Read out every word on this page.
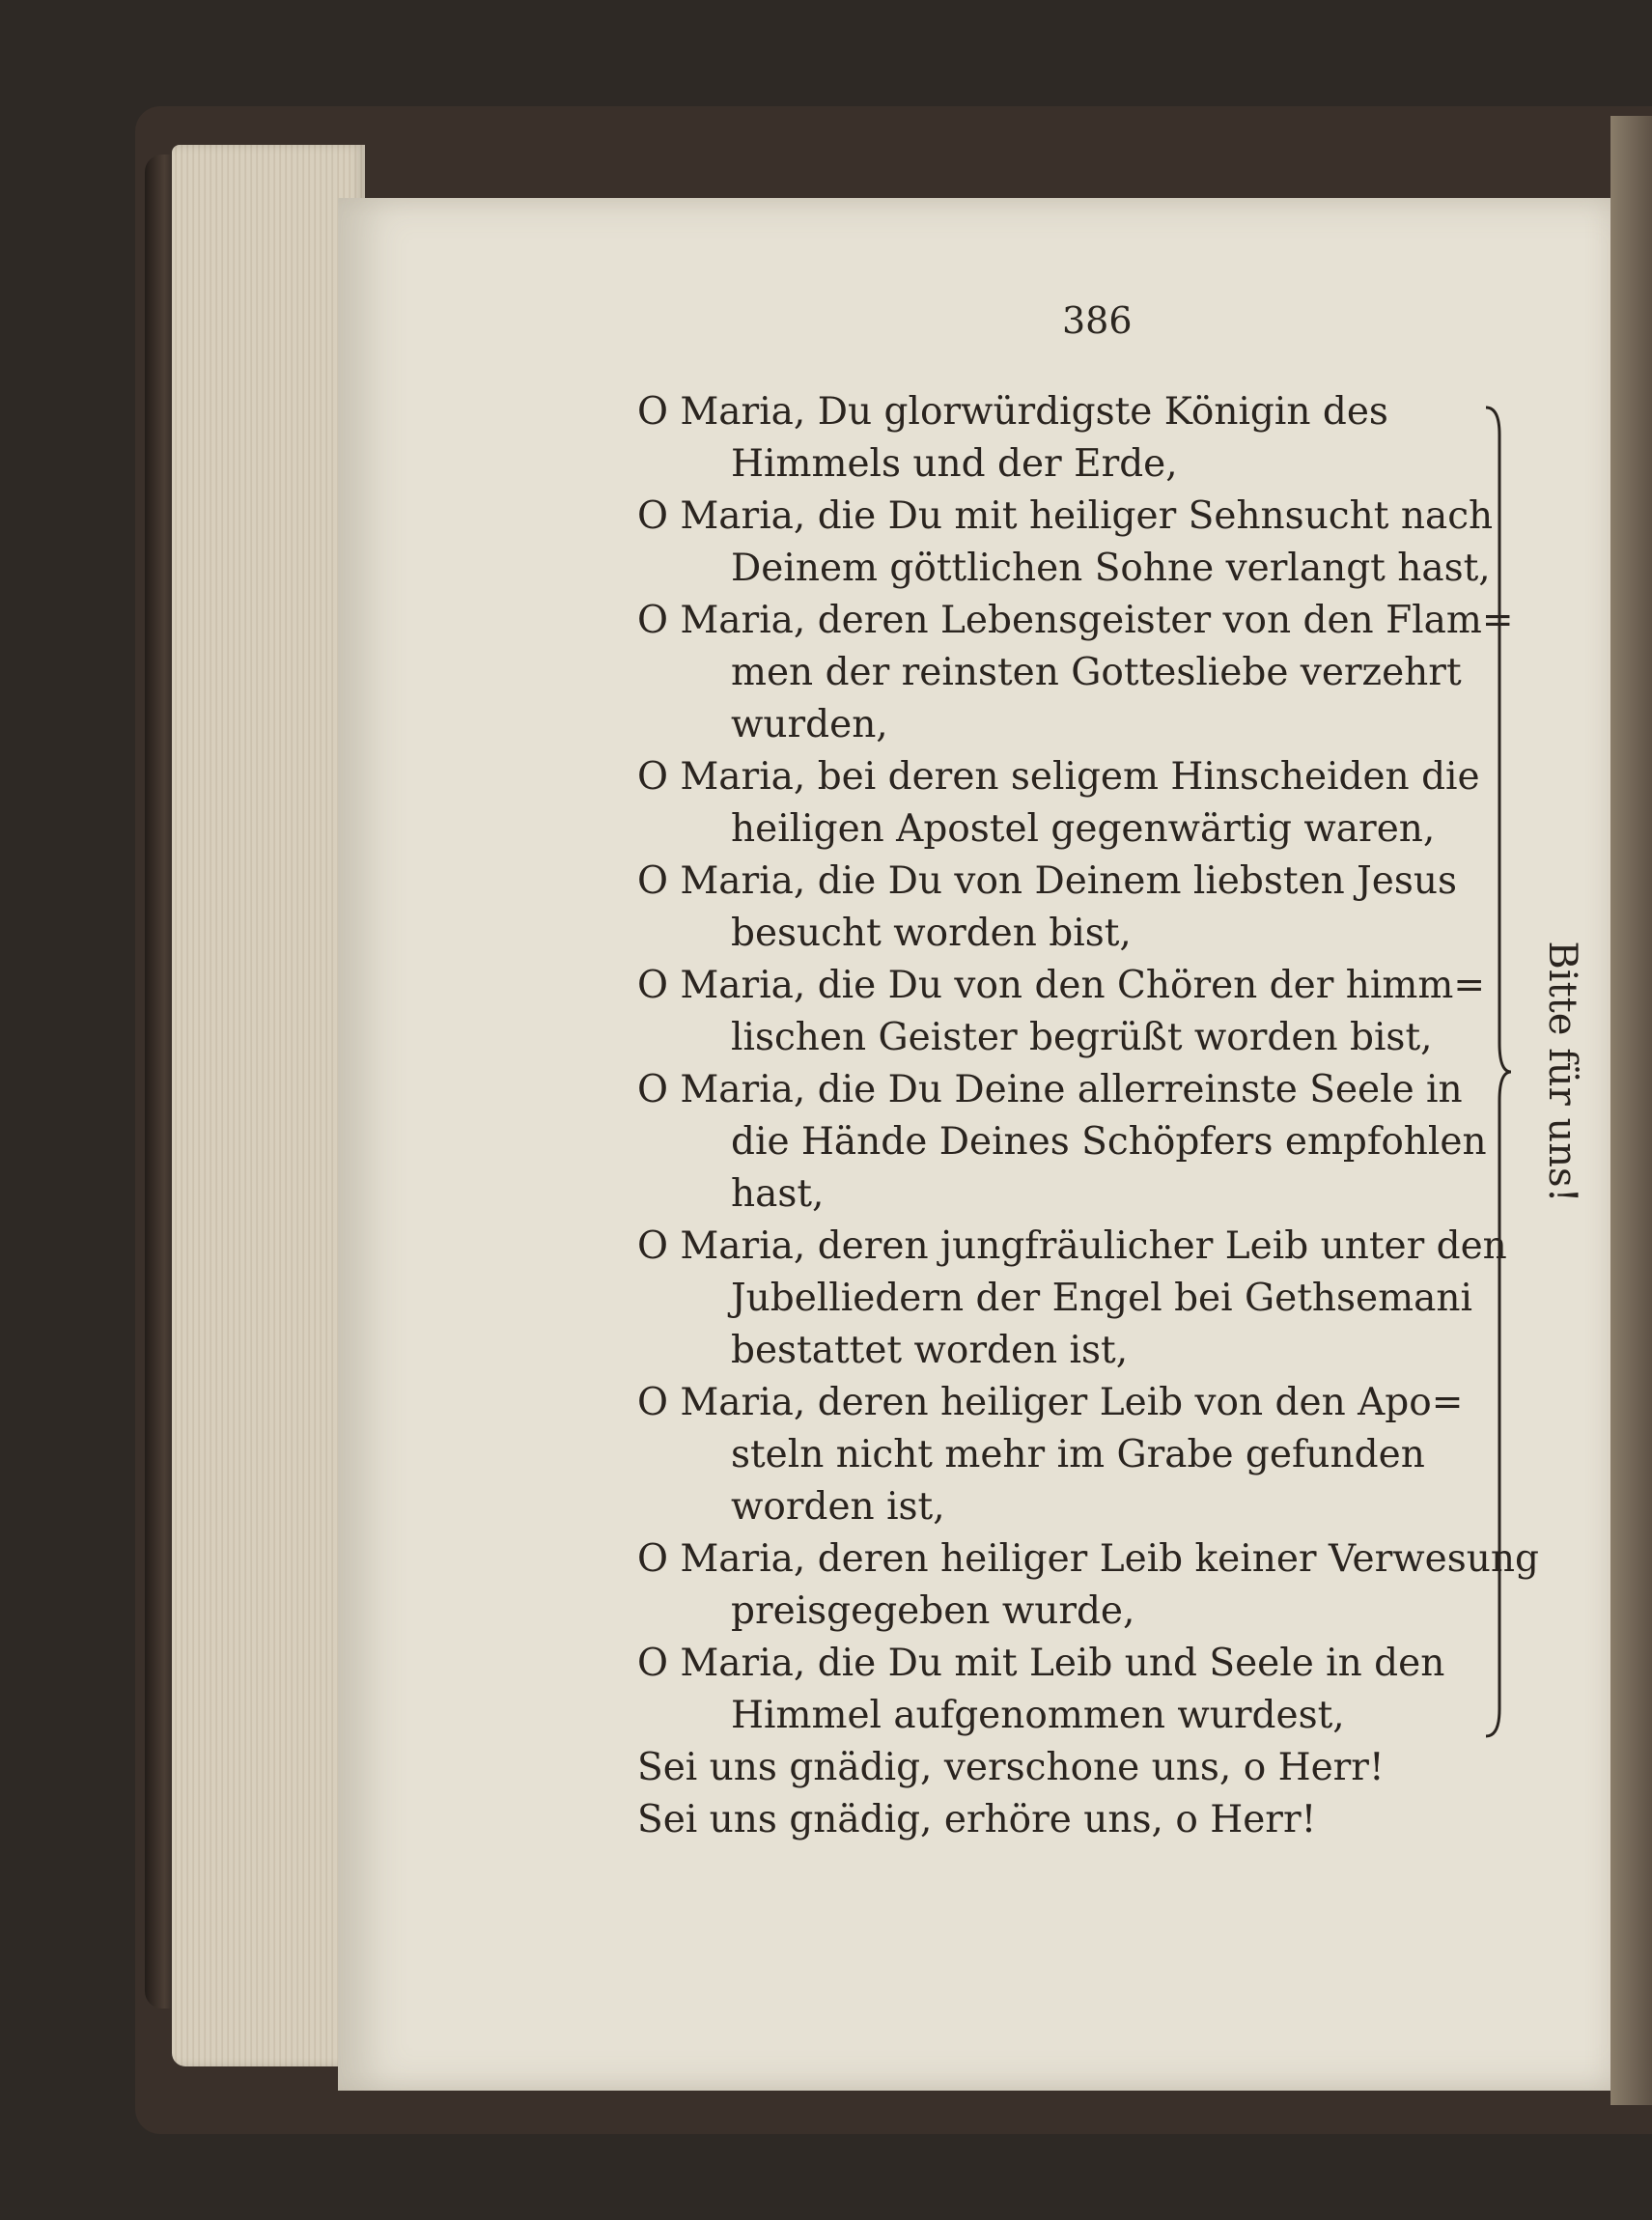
386
O Maria, Du glorwürdigste Königin des
Himmels und der Erde,
O Maria, die Du mit heiliger Sehnsucht nach
Deinem göttlichen Sohne verlangt hast,
O Maria, deren Lebensgeister von den Flam=
men der reinsten Gottesliebe verzehrt
wurden,
O Maria, bei deren seligem Hinscheiden die
heiligen Apostel gegenwärtig waren,
O Maria, die Du von Deinem liebsten Jesus
besucht worden bist,
O Maria, die Du von den Chören der himm=
lischen Geister begrüßt worden bist,
O Maria, die Du Deine allerreinste Seele in
die Hände Deines Schöpfers empfohlen
hast,
O Maria, deren jungfräulicher Leib unter den
Jubelliedern der Engel bei Gethsemani
bestattet worden ist,
O Maria, deren heiliger Leib von den Apo=
steln nicht mehr im Grabe gefunden
worden ist,
O Maria, deren heiliger Leib keiner Verwesung
preisgegeben wurde,
O Maria, die Du mit Leib und Seele in den
Himmel aufgenommen wurdest,
Sei uns gnädig, verschone uns, o Herr!
Sei uns gnädig, erhöre uns, o Herr!
Bitte für uns!
